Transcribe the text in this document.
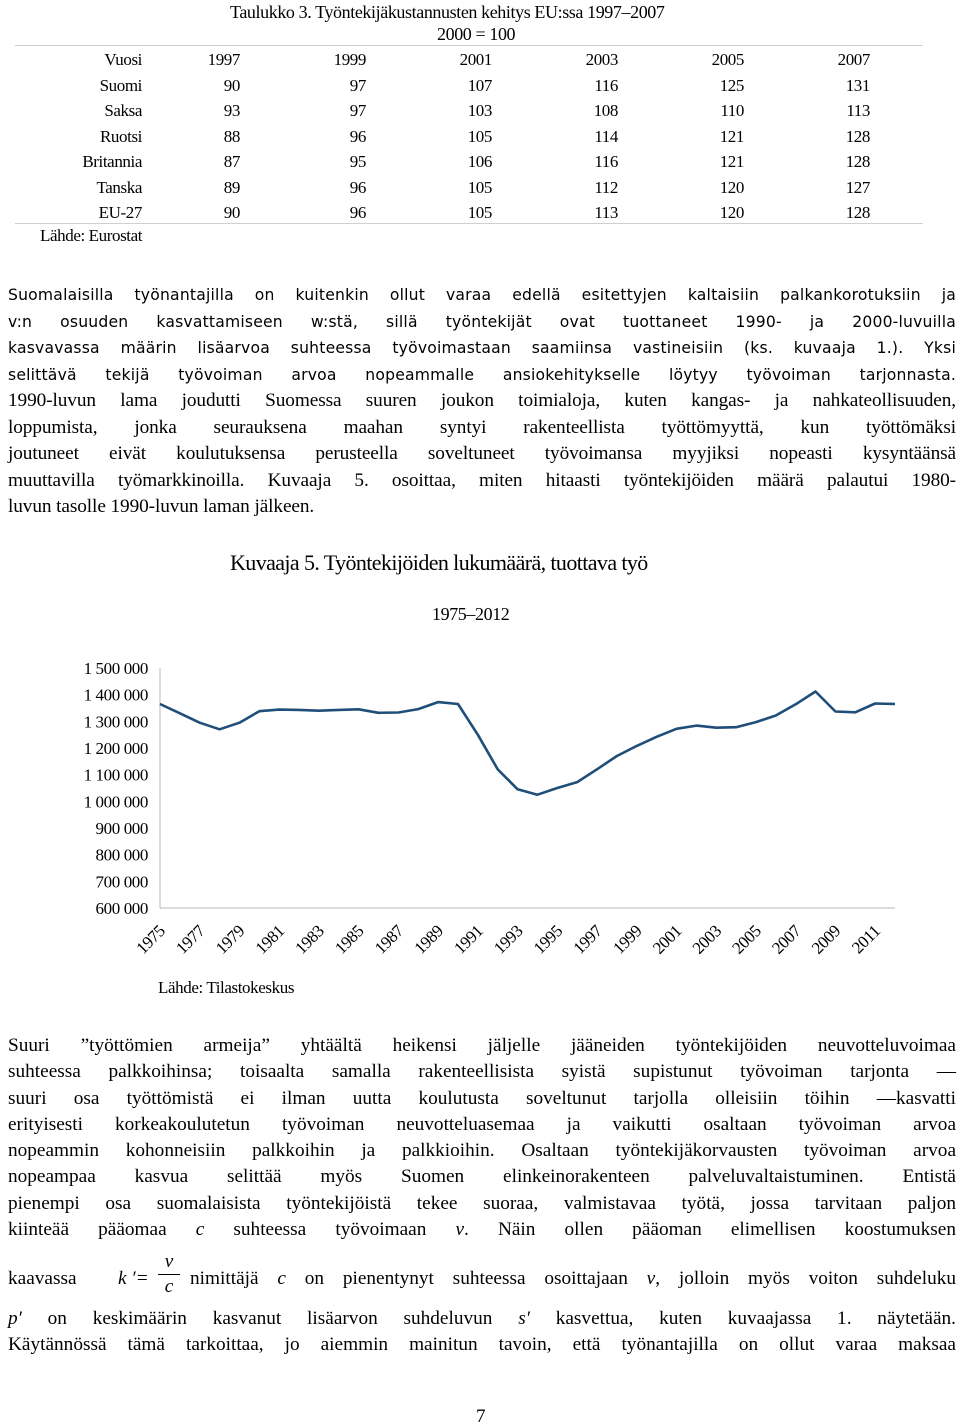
Taulukko 3. Työntekijäkustannusten kehitys EU:ssa 1997–2007
2000 = 100
Vuosi	1997	1999	2001	2003	2005	2007
Suomi	90	97	107	116	125	131
Saksa	93	97	103	108	110	113
Ruotsi	88	96	105	114	121	128
Britannia	87	95	106	116	121	128
Tanska	89	96	105	112	120	127
EU-27	90	96	105	113	120	128
Lähde: Eurostat
Suomalaisilla työnantajilla on kuitenkin ollut varaa edellä esitettyjen kaltaisiin palkankorotuksiin ja
v:n osuuden kasvattamiseen w:stä, sillä työntekijät ovat tuottaneet 1990- ja 2000-luvuilla
kasvavassa määrin lisäarvoa suhteessa työvoimastaan saamiinsa vastineisiin (ks. kuvaaja 1.). Yksi
selittävä tekijä työvoiman arvoa nopeammalle ansiokehitykselle löytyy työvoiman tarjonnasta.
1990-luvun lama joudutti Suomessa suuren joukon toimialoja, kuten kangas- ja nahkateollisuuden,
loppumista, jonka seurauksena maahan syntyi rakenteellista työttömyyttä, kun työttömäksi
joutuneet eivät koulutuksensa perusteella soveltuneet työvoimansa myyjiksi nopeasti kysyntäänsä
muuttavilla työmarkkinoilla. Kuvaaja 5. osoittaa, miten hitaasti työntekijöiden määrä palautui 1980-
luvun tasolle 1990-luvun laman jälkeen.
Kuvaaja 5. Työntekijöiden lukumäärä, tuottava työ
1975–2012
1 500 000
1 400 000
1 300 000
1 200 000
1 100 000
1 000 000
900 000
800 000
700 000
600 000
1975 1977 1979 1981 1983 1985 1987 1989 1991 1993 1995 1997 1999 2001 2003 2005 2007 2009 2011
Lähde: Tilastokeskus
Suuri ”työttömien armeija” yhtäältä heikensi jäljelle jääneiden työntekijöiden neuvotteluvoimaa
suhteessa palkkoihinsa; toisaalta samalla rakenteellisista syistä supistunut työvoiman tarjonta —
suuri osa työttömistä ei ilman uutta koulutusta soveltunut tarjolla olleisiin töihin —kasvatti
erityisesti korkeakoulutetun työvoiman neuvotteluasemaa ja vaikutti osaltaan työvoiman arvoa
nopeammin kohonneisiin palkkoihin ja palkkioihin. Osaltaan työntekijäkorvausten työvoiman arvoa
nopeampaa kasvua selittää myös Suomen elinkeinorakenteen palveluvaltaistuminen. Entistä
pienempi osa suomalaisista työntekijöistä tekee suoraa, valmistavaa työtä, jossa tarvitaan paljon
kiinteää pääomaa c suhteessa työvoimaan v. Näin ollen pääoman elimellisen koostumuksen
kaavassa k ′=
v
c nimittäjä c on pienentynyt suhteessa osoittajaan v, jolloin myös voiton suhdeluku
p′ on keskimäärin kasvanut lisäarvon suhdeluvun s′ kasvettua, kuten kuvaajassa 1. näytetään.
Käytännössä tämä tarkoittaa, jo aiemmin mainitun tavoin, että työnantajilla on ollut varaa maksaa
7
